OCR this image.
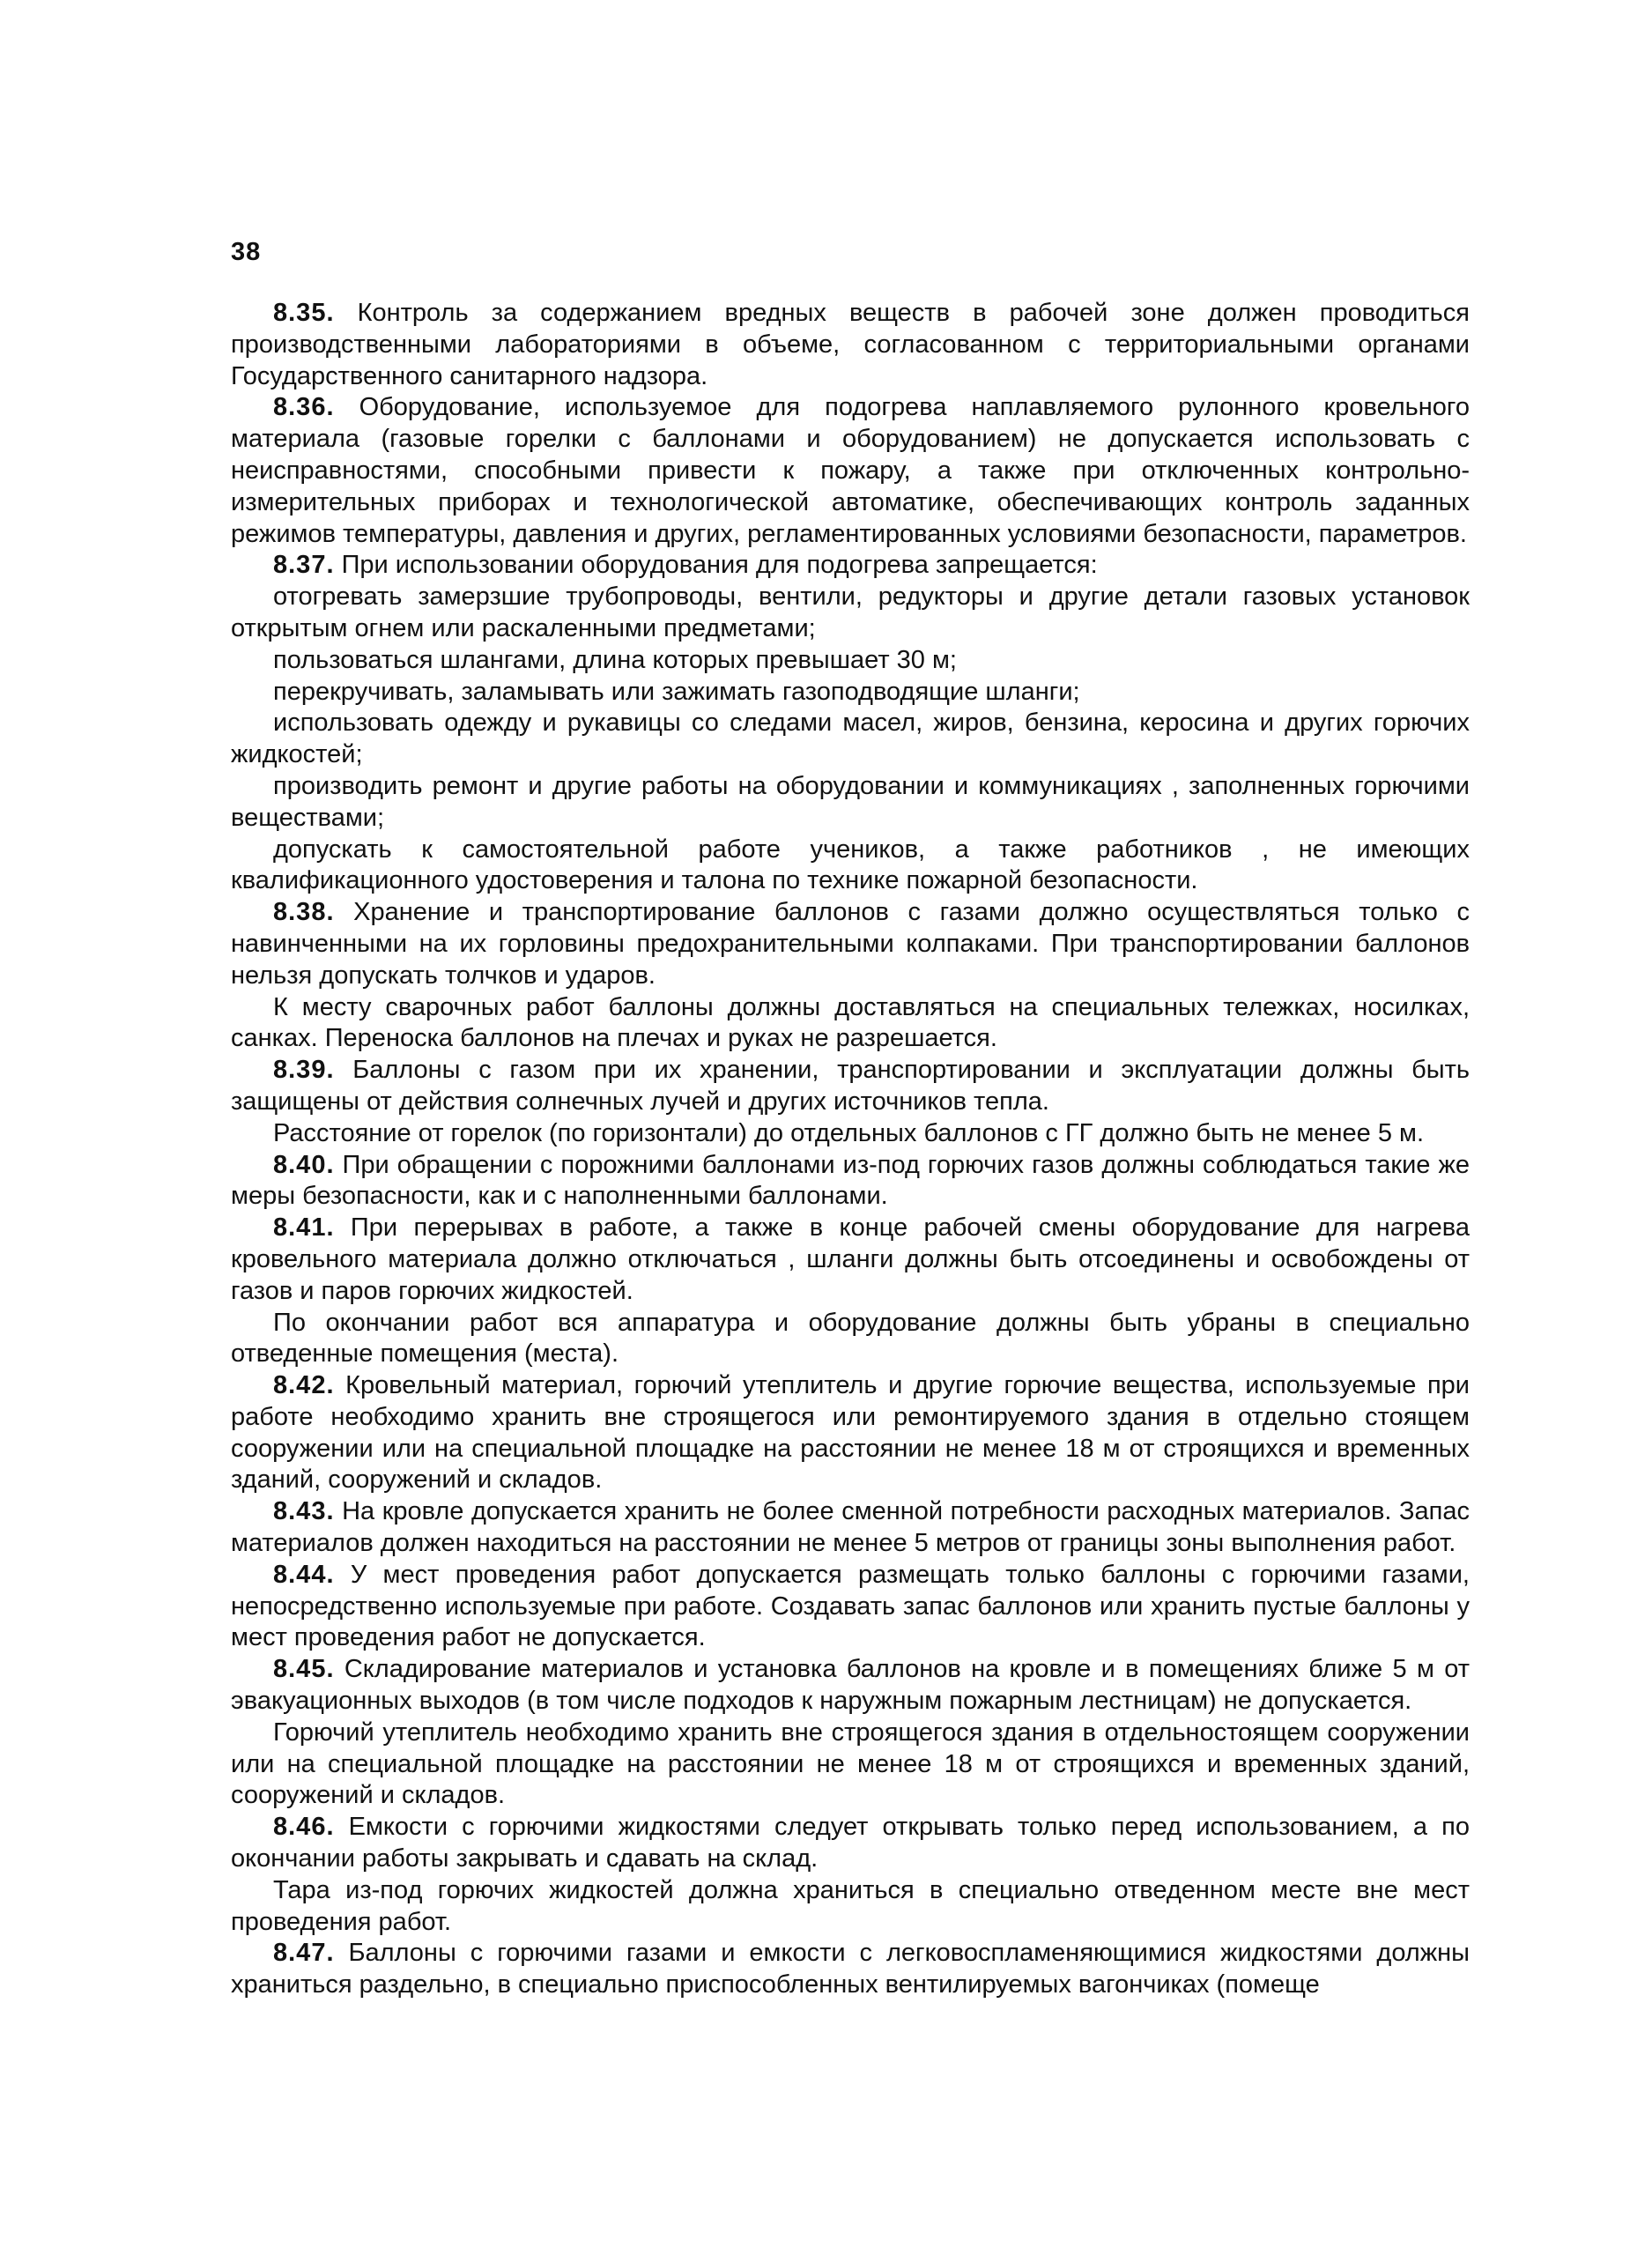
38

8.35. Контроль за содержанием вредных веществ в рабочей зоне должен проводиться производственными лабораториями в объеме, согласованном с территориальными органами Государственного санитарного надзора.

8.36. Оборудование, используемое для подогрева наплавляемого рулонного кровельного материала (газовые горелки с баллонами и оборудованием) не допускается использовать с неисправностями, способными привести к пожару, а также при отключенных контрольно-измерительных приборах и технологической автоматике, обеспечивающих контроль заданных режимов температуры, давления и других, регламентированных условиями безопасности, параметров.

8.37. При использовании оборудования для подогрева запрещается:

отогревать замерзшие трубопроводы, вентили, редукторы и другие детали газовых установок открытым огнем или раскаленными предметами;

пользоваться шлангами, длина которых превышает 30 м;

перекручивать, заламывать или зажимать газоподводящие шланги;

использовать одежду и рукавицы со следами масел, жиров, бензина, керосина и других горючих жидкостей;

производить ремонт и другие работы на оборудовании и коммуникациях , заполненных горючими веществами;

допускать к самостоятельной работе учеников, а также работников , не имеющих квалификационного удостоверения и талона по технике пожарной безопасности.

8.38. Хранение и транспортирование баллонов с газами должно осуществляться только с навинченными на их горловины предохранительными колпаками. При транспортировании баллонов нельзя допускать толчков и ударов.

К месту сварочных работ баллоны должны доставляться на специальных тележках, носилках, санках. Переноска баллонов на плечах и руках не разрешается.

8.39. Баллоны с газом при их хранении, транспортировании и эксплуатации должны быть защищены от действия солнечных лучей и других источников тепла.

Расстояние от горелок (по горизонтали) до отдельных баллонов с ГГ должно быть не менее 5 м.

8.40. При обращении с порожними баллонами из-под горючих газов должны соблюдаться такие же меры безопасности, как и с наполненными баллонами.

8.41. При перерывах в работе, а также в конце рабочей смены оборудование для нагрева кровельного материала должно отключаться , шланги должны быть отсоединены и освобождены от газов и паров горючих жидкостей.

По окончании работ вся аппаратура и оборудование должны быть убраны в специально отведенные помещения (места).

8.42. Кровельный материал, горючий утеплитель и другие горючие вещества, используемые при работе необходимо хранить вне строящегося или ремонтируемого здания в отдельно стоящем сооружении или на специальной площадке на расстоянии не менее 18 м от строящихся и временных зданий, сооружений и складов.

8.43. На кровле допускается хранить не более сменной потребности расходных материалов. Запас материалов должен находиться на расстоянии не менее 5 метров от границы зоны выполнения работ.

8.44. У мест проведения работ допускается размещать только баллоны с горючими газами, непосредственно используемые при работе. Создавать запас баллонов или хранить пустые баллоны у мест проведения работ не допускается.

8.45. Складирование материалов и установка баллонов на кровле и в помещениях ближе 5 м от эвакуационных выходов (в том числе подходов к наружным пожарным лестницам) не допускается.

Горючий утеплитель необходимо хранить вне строящегося здания в отдельностоящем сооружении или на специальной площадке на расстоянии не менее 18 м от строящихся и временных зданий, сооружений и складов.

8.46. Емкости с горючими жидкостями следует открывать только перед использованием, а по окончании работы закрывать и сдавать на склад.

Тара из-под горючих жидкостей должна храниться в специально отведенном месте вне мест проведения работ.

8.47. Баллоны с горючими газами и емкости с легковоспламеняющимися жидкостями должны храниться раздельно, в специально приспособленных вентилируемых вагончиках (помеще
